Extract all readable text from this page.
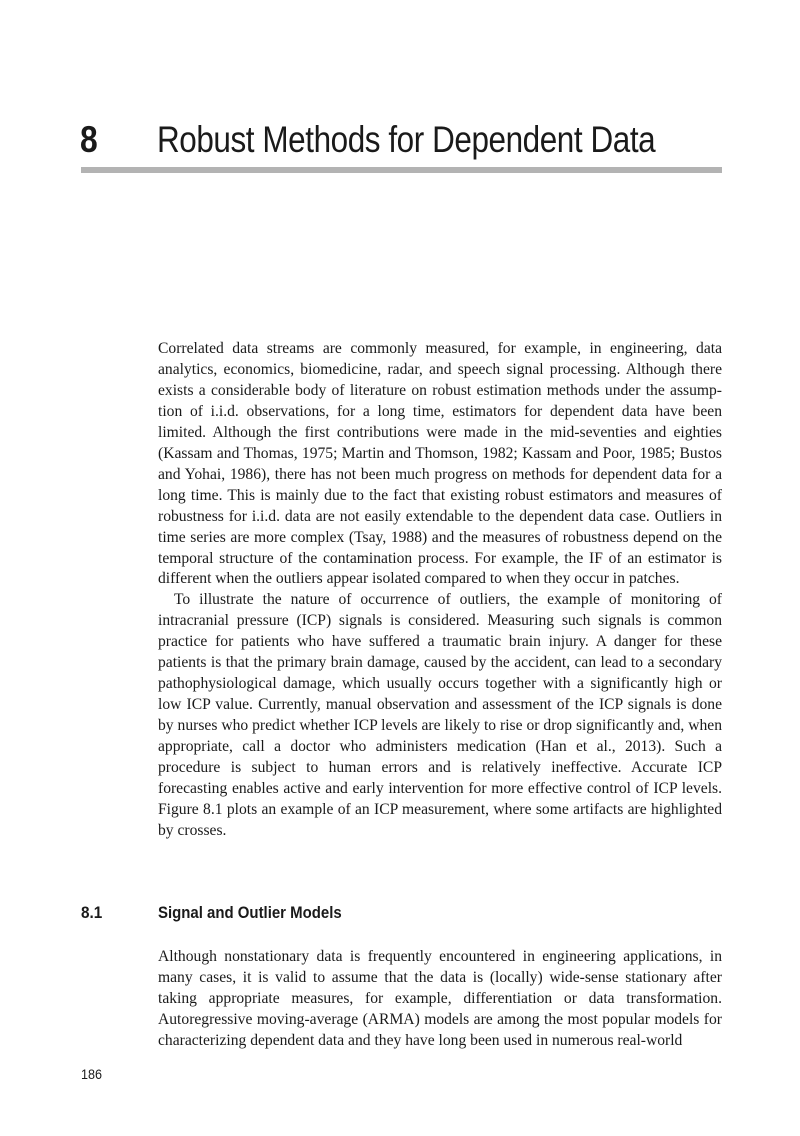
8 Robust Methods for Dependent Data

Correlated data streams are commonly measured, for example, in engineering, data analytics, economics, biomedicine, radar, and speech signal processing. Although there exists a considerable body of literature on robust estimation methods under the assump-tion of i.i.d. observations, for a long time, estimators for dependent data have been limited. Although the first contributions were made in the mid-seventies and eighties (Kassam and Thomas, 1975; Martin and Thomson, 1982; Kassam and Poor, 1985; Bustos and Yohai, 1986), there has not been much progress on methods for dependent data for a long time. This is mainly due to the fact that existing robust estimators and measures of robustness for i.i.d. data are not easily extendable to the dependent data case. Outliers in time series are more complex (Tsay, 1988) and the measures of robustness depend on the temporal structure of the contamination process. For example, the IF of an estimator is different when the outliers appear isolated compared to when they occur in patches.

To illustrate the nature of occurrence of outliers, the example of monitoring of intracranial pressure (ICP) signals is considered. Measuring such signals is common practice for patients who have suffered a traumatic brain injury. A danger for these patients is that the primary brain damage, caused by the accident, can lead to a secondary pathophysiological damage, which usually occurs together with a significantly high or low ICP value. Currently, manual observation and assessment of the ICP signals is done by nurses who predict whether ICP levels are likely to rise or drop significantly and, when appropriate, call a doctor who administers medication (Han et al., 2013). Such a procedure is subject to human errors and is relatively ineffective. Accurate ICP forecasting enables active and early intervention for more effective control of ICP levels. Figure 8.1 plots an example of an ICP measurement, where some artifacts are highlighted by crosses.

8.1	Signal and Outlier Models

Although nonstationary data is frequently encountered in engineering applications, in many cases, it is valid to assume that the data is (locally) wide-sense stationary after taking appropriate measures, for example, differentiation or data transformation. Autoregressive moving-average (ARMA) models are among the most popular models for characterizing dependent data and they have long been used in numerous real-world

186
